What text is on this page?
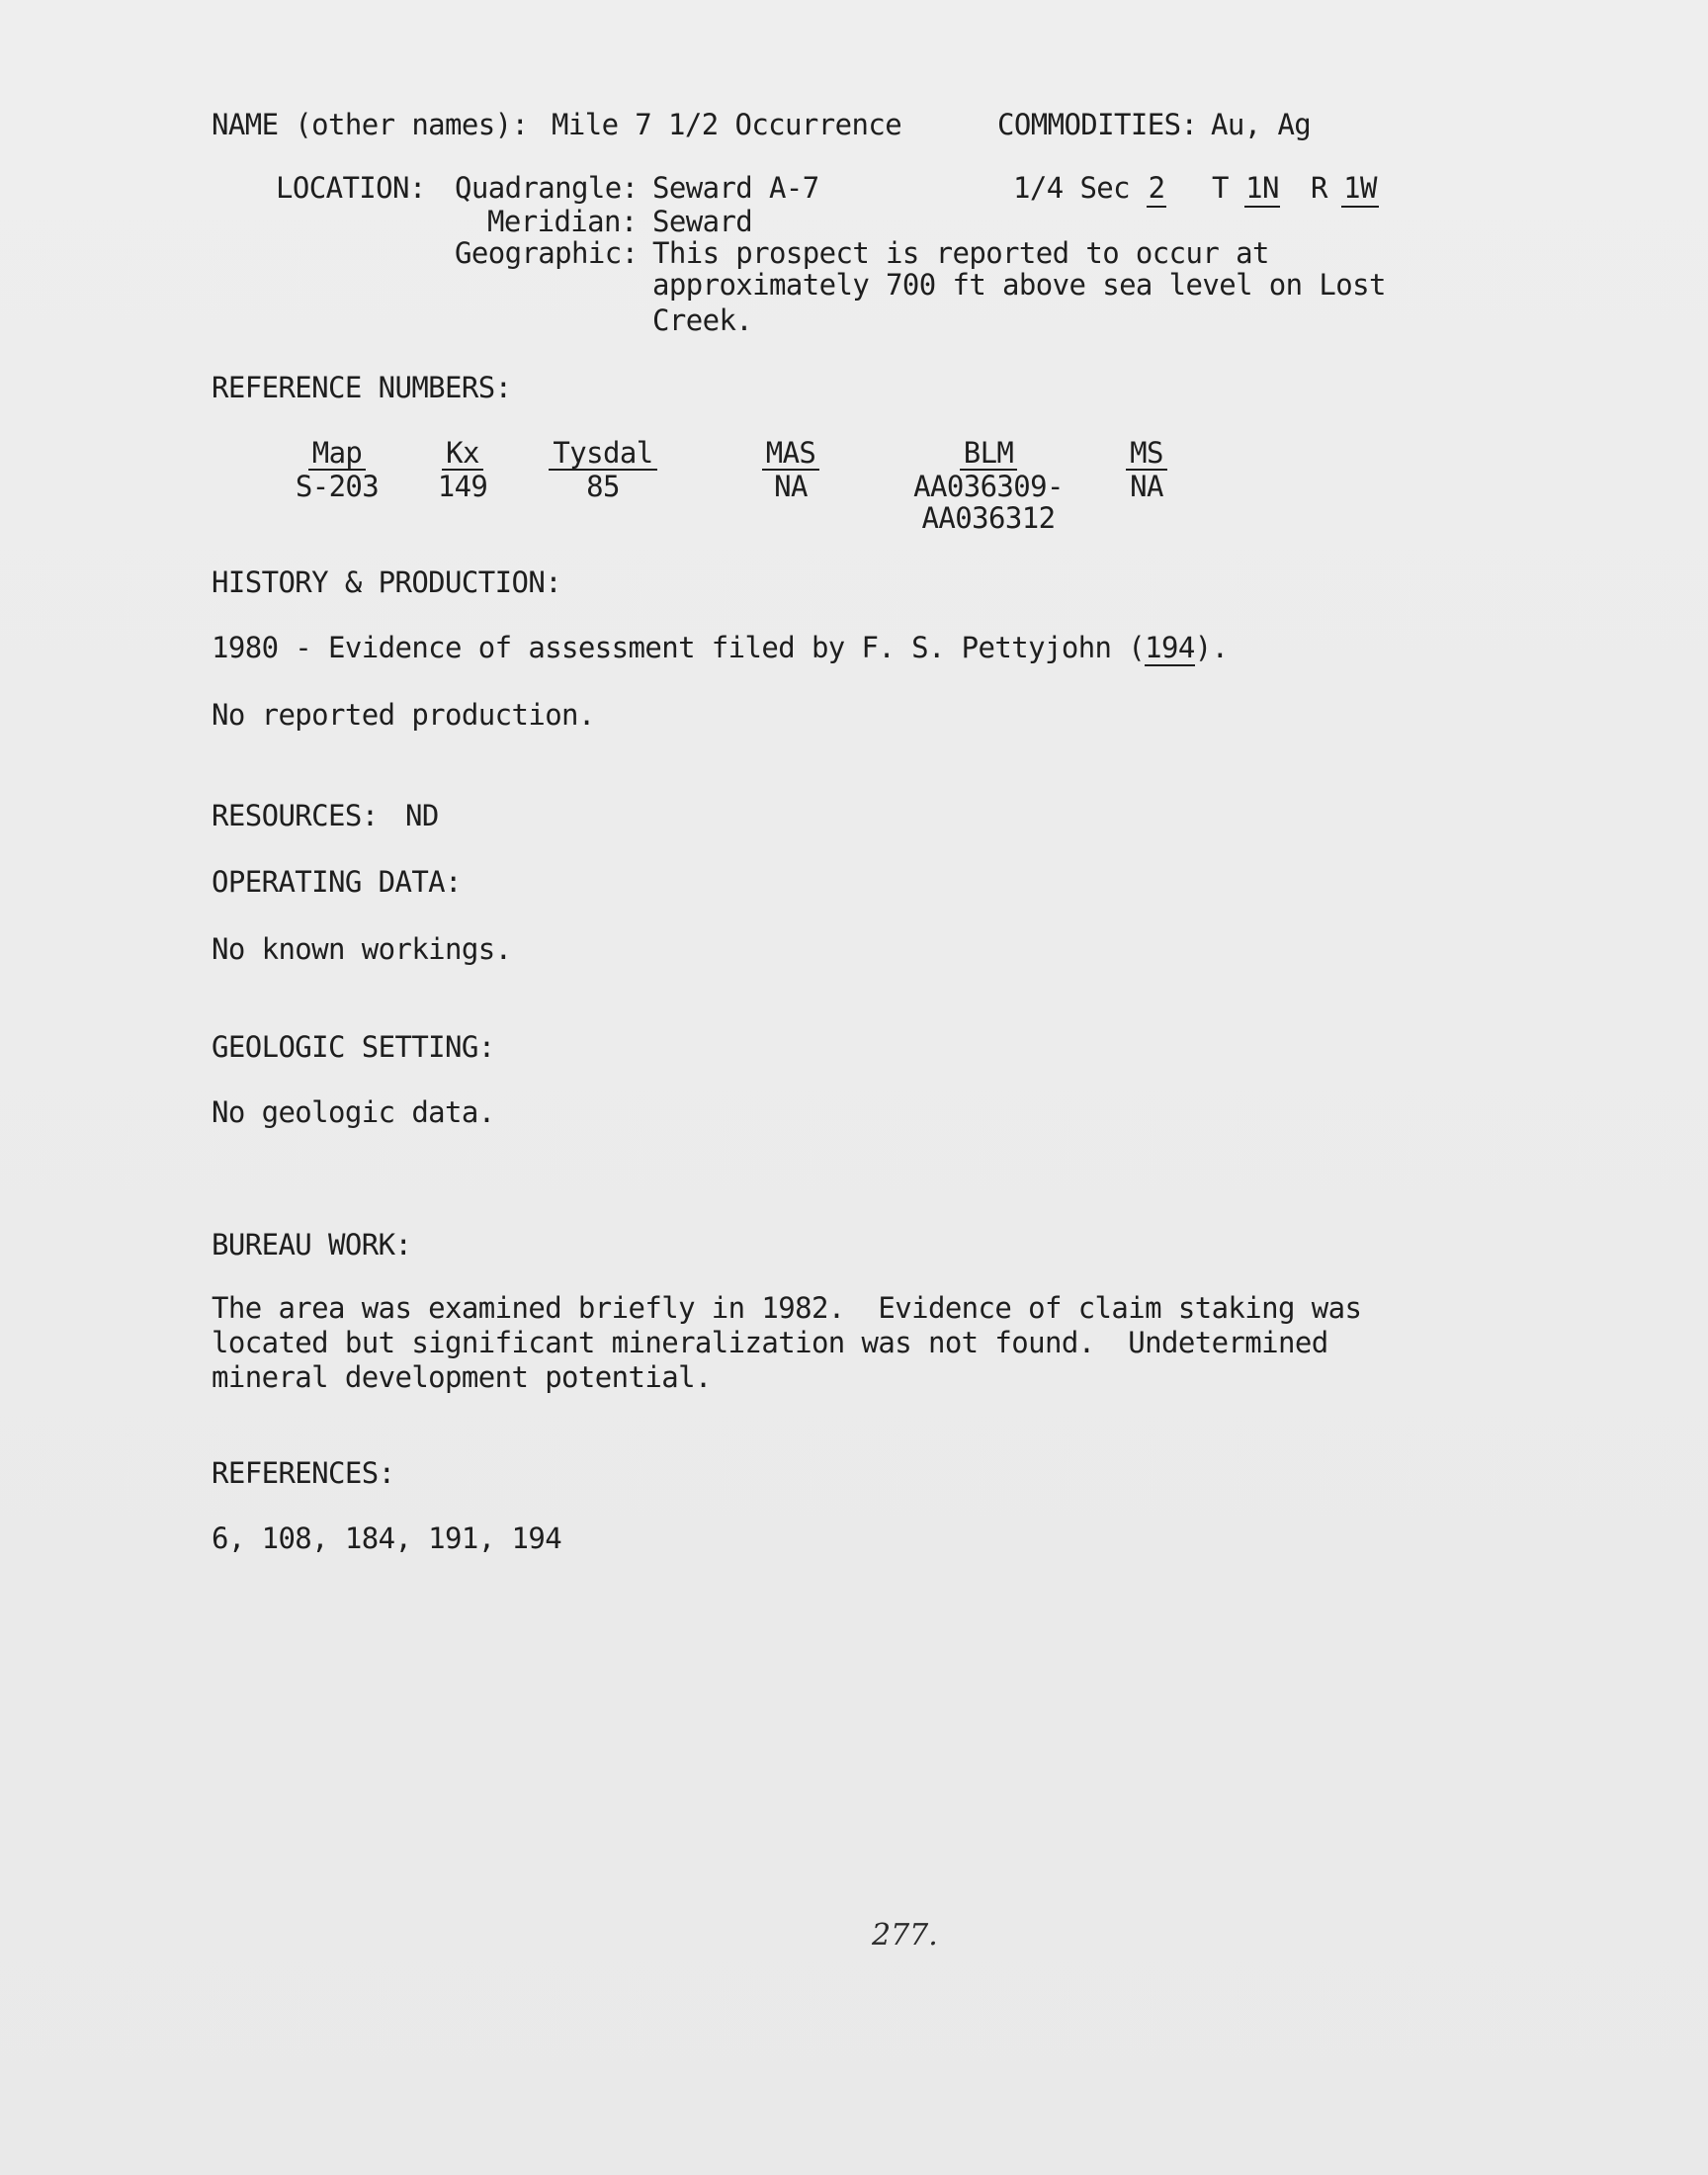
NAME (other names): Mile 7 1/2 Occurrence	COMMODITIES: Au, Ag
LOCATION: Quadrangle: Seward A-7	1/4 Sec 2 T 1N R 1W
Meridian: Seward
Geographic: This prospect is reported to occur at
approximately 700 ft above sea level on Lost
Creek.
REFERENCE NUMBERS:
Map
S-203
Kx
149
Tysdal
85
MAS
NA
BLM
AA036309-
AA036312
MS
NA
HISTORY & PRODUCTION:
1980 - Evidence of assessment filed by F. S. Pettyjohn (194).
No reported production.
RESOURCES: ND
OPERATING DATA:
No known workings.
GEOLOGIC SETTING:
No geologic data.
BUREAU WORK:
The area was examined briefly in 1982.  Evidence of claim staking was
located but significant mineralization was not found.  Undetermined
mineral development potential.
REFERENCES:
6, 108, 184, 191, 194
277.
